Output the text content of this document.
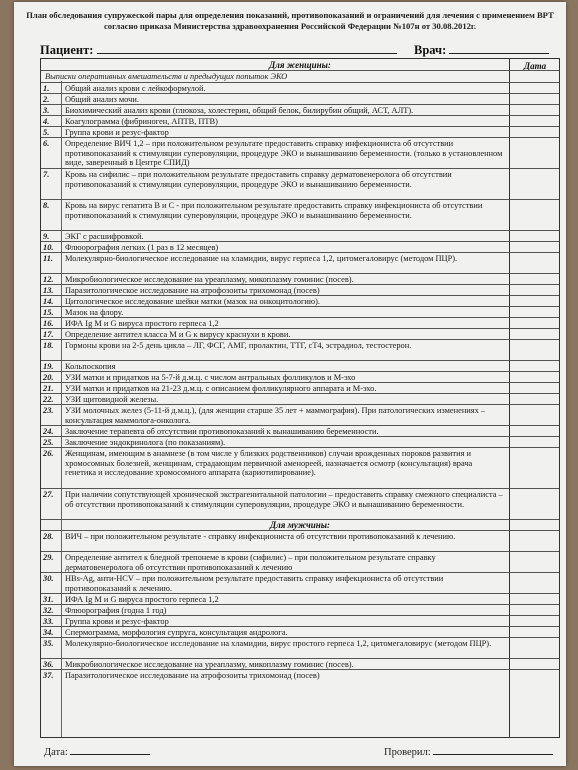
План обследования супружеской пары для определения показаний, противопоказаний и ограничений для лечения с применением ВРТ
согласно приказа Министерства здравоохранения Российской Федерации №107н от 30.08.2012г.
Пациент:	Врач:
Дата
Для женщины:
Выписки оперативных вмешательств и предыдущих попыток ЭКО
1.	Общий анализ крови с лейкоформулой.
2.	Общий анализ мочи.
3.	Биохимический анализ крови (глюкоза, холестерин, общий белок, билирубин общий, АСТ, АЛТ).
4.	Коагулограмма (фибриноген, АПТВ, ПТВ)
5.	Группа крови и резус-фактор
6.	Определение ВИЧ 1,2 – при положительном результате предоставить справку инфекциониста об отсутствии противопоказаний к стимуляции суперовуляции, процедуре ЭКО и вынашиванию беременности. (только в установленном виде, заверенный в Центре СПИД)
7.	Кровь на сифилис – при положительном результате предоставить справку дерматовенеролога об отсутствии противопоказаний к стимуляции суперовуляции, процедуре ЭКО и вынашиванию беременности.
8.	Кровь на вирус гепатита В и С - при положительном результате предоставить справку инфекциониста об отсутствии противопоказаний к стимуляции суперовуляции, процедуре ЭКО и вынашиванию беременности.
9.	ЭКГ с расшифровкой.
10.	Флюорография легких (1 раз в 12 месяцев)
11.	Молекулярно-биологическое исследование на хламидии, вирус герпеса 1,2, цитомегаловирус (методом ПЦР).
12.	Микробиологическое исследование на уреаплазму, микоплазму гоминис (посев).
13.	Паразитологическое исследование на атрофозоиты трихомонад (посев)
14.	Цитологическое исследование шейки матки (мазок на онкоцитологию).
15.	Мазок на флору.
16.	ИФА Ig M и G вируса простого герпеса 1,2
17.	Определение антител класса M и G к вирусу краснухи в крови.
18.	Гормоны крови на 2-5 день цикла – ЛГ, ФСГ, АМГ, пролактин, ТТГ, сТ4, эстрадиол, тестостерон.
19.	Кольпоскопия
20.	УЗИ матки и придатков на 5-7-й д.м.ц. с числом антральных фолликулов и М-эхо
21.	УЗИ матки и придатков на 21-23 д.м.ц. с описанием фолликулярного аппарата и М-эхо.
22.	УЗИ щитовидной железы.
23.	УЗИ молочных желез (5-11-й д.м.ц.), (для женщин старше 35 лет + маммография). При патологических изменениях – консультация маммолога-онколога.
24.	Заключение терапевта об отсутствии противопоказаний к вынашиванию беременности.
25.	Заключение эндокринолога (по показаниям).
26.	Женщинам, имеющим в анамнезе (в том числе у близких родственников) случаи врожденных пороков развития и хромосомных болезней, женщинам, страдающим первичной аменореей, назначается осмотр (консультация) врача генетика и исследование хромосомного аппарата (кариотипирование).
27.	При наличии сопутствующей хронической экстрагенитальной патологии – предоставить справку смежного специалиста – об отсутствии противопоказаний к стимуляции суперовуляции, процедуре ЭКО и вынашиванию беременности.
Для мужчины:
28.	ВИЧ – при положительном результате - справку инфекциониста об отсутствии противопоказаний к лечению.
29.	Определение антител к бледной трепонеме в крови (сифилис) – при положительном результате справку дерматовенеролога об отсутствии противопоказаний к лечению
30.	HBs-Ag, анти-HCV – при положительном результате предоставить справку инфекциониста об отсутствии противопоказаний к лечению.
31.	ИФА Ig M и G вируса простого герпеса 1,2
32.	Флюорография (годна 1 год)
33.	Группа крови и резус-фактор
34.	Спермограмма, морфология супруга, консультация андролога.
35.	Молекулярно-биологическое исследование на хламидии, вирус простого герпеса 1,2, цитомегаловирус (методом ПЦР).
36.	Микробиологическое исследование на уреаплазму, микоплазму гоминис (посев).
37.	Паразитологическое исследование на атрофозоиты трихомонад (посев)
Дата:	Проверил:
